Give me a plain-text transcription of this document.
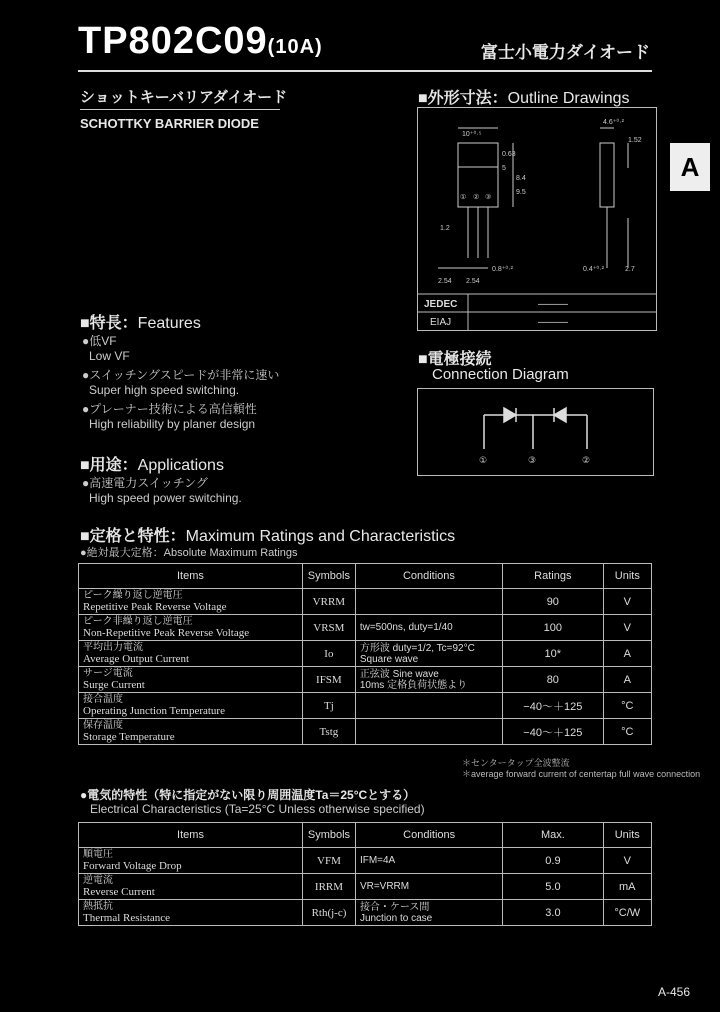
TP802C09(10A)	富士小電力ダイオード
ショットキーバリアダイオード
SCHOTTKY BARRIER DIODE
A
■外形寸法：Outline Drawings
10⁺⁰·⁵
4.6⁺⁰·²
1.52
0.63
5
8.4
9.5
1.2
0.8⁺⁰·²	0.4⁺⁰·²
2.54 2.54
2.7
① ② ③
JEDEC	———
EIAJ	———
■特長：Features
●低VF
Low VF
●スイッチングスピードが非常に速い
Super high speed switching.
●プレーナー技術による高信頼性
High reliability by planer design
■電極接続
Connection Diagram
①	③	②
■用途：Applications
●高速電力スイッチング
High speed power switching.
■定格と特性：Maximum Ratings and Characteristics
●絶対最大定格：Absolute Maximum Ratings
Items	Symbols	Conditions	Ratings	Units

ピーク繰り返し逆電圧
Repetitive Peak Reverse Voltage	VRRM		90	V

ピーク非繰り返し逆電圧
Non-Repetitive Peak Reverse Voltage	VRSM	tw=500ns, duty=1/40	100	V

平均出力電流
Average Output Current	Io	方形波 duty=1/2, Tc=92°C
Square wave	10*	A

サージ電流
Surge Current	IFSM	正弦波 Sine wave
10ms 定格負荷状態より	80	A

接合温度
Operating Junction Temperature	Tj		−40～＋125	°C

保存温度
Storage Temperature	Tstg		−40～＋125	°C
＊センタータップ全波整流
＊average forward current of centertap full wave connection
●電気的特性（特に指定がない限り周囲温度Ta＝25°Cとする）
Electrical Characteristics (Ta=25°C Unless otherwise specified)
Items	Symbols	Conditions	Max.	Units

順電圧
Forward Voltage Drop	VFM	IFM=4A	0.9	V

逆電流
Reverse Current	IRRM	VR=VRRM	5.0	mA

熱抵抗
Thermal Resistance	Rth(j-c)	接合・ケース間
Junction to case	3.0	°C/W
A-456
